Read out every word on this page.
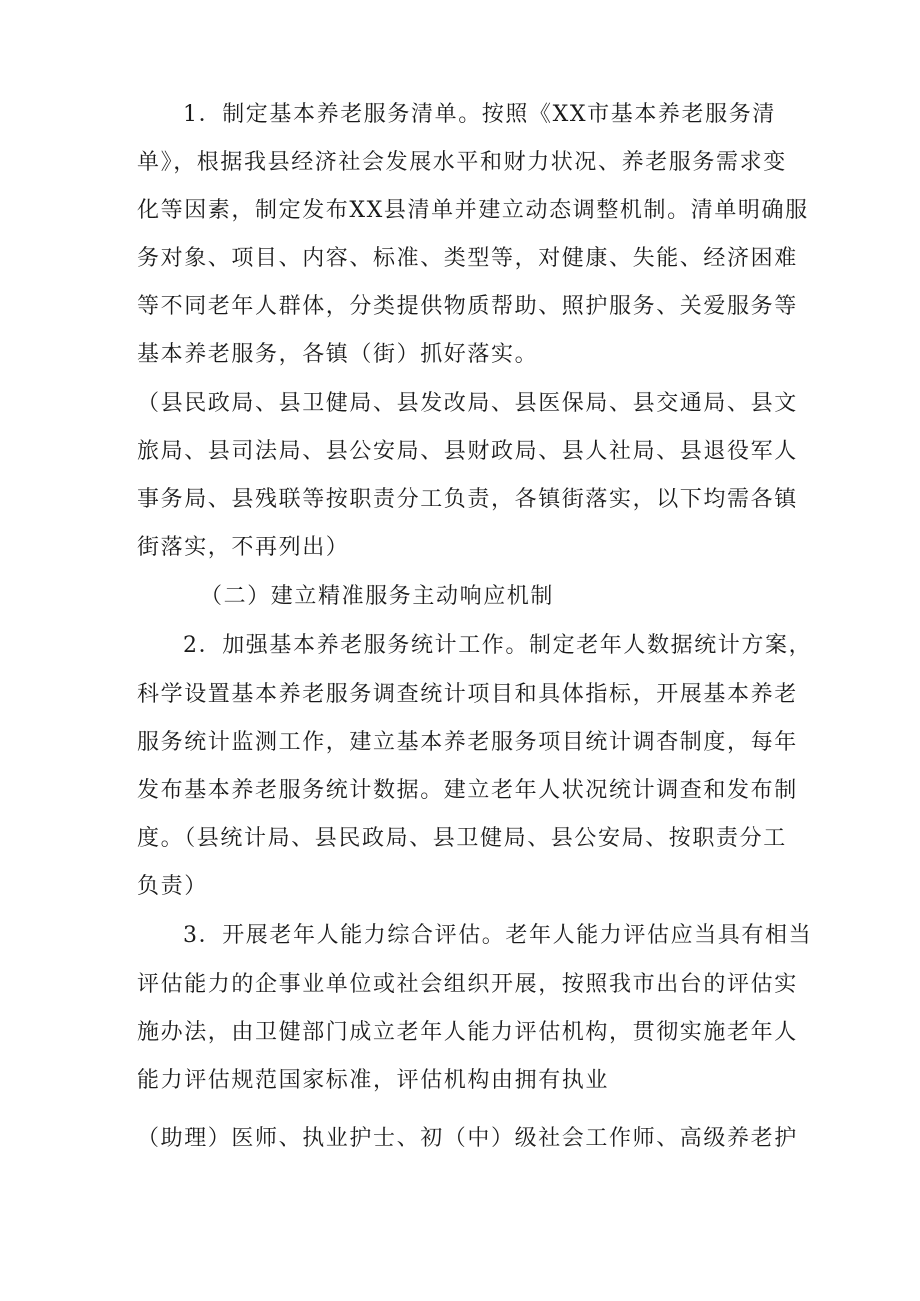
1．制定基本养老服务清单。按照《XX市基本养老服务清
单》，根据我县经济社会发展水平和财力状况、养老服务需求变
化等因素，制定发布XX县清单并建立动态调整机制。清单明确服
务对象、项目、内容、标准、类型等，对健康、失能、经济困难
等不同老年人群体，分类提供物质帮助、照护服务、关爱服务等
基本养老服务，各镇（街）抓好落实。
（县民政局、县卫健局、县发改局、县医保局、县交通局、县文
旅局、县司法局、县公安局、县财政局、县人社局、县退役军人
事务局、县残联等按职责分工负责，各镇街落实，以下均需各镇
街落实，不再列出）
（二）建立精准服务主动响应机制
2．加强基本养老服务统计工作。制定老年人数据统计方案，
科学设置基本养老服务调查统计项目和具体指标，开展基本养老
服务统计监测工作，建立基本养老服务项目统计调杳制度，每年
发布基本养老服务统计数据。建立老年人状况统计调查和发布制
度。（县统计局、县民政局、县卫健局、县公安局、按职责分工
负责）
3．开展老年人能力综合评估。老年人能力评估应当具有相当
评估能力的企事业单位或社会组织开展，按照我市出台的评估实
施办法，由卫健部门成立老年人能力评估机构，贯彻实施老年人
能力评估规范国家标准，评估机构由拥有执业
（助理）医师、执业护士、初（中）级社会工作师、高级养老护
